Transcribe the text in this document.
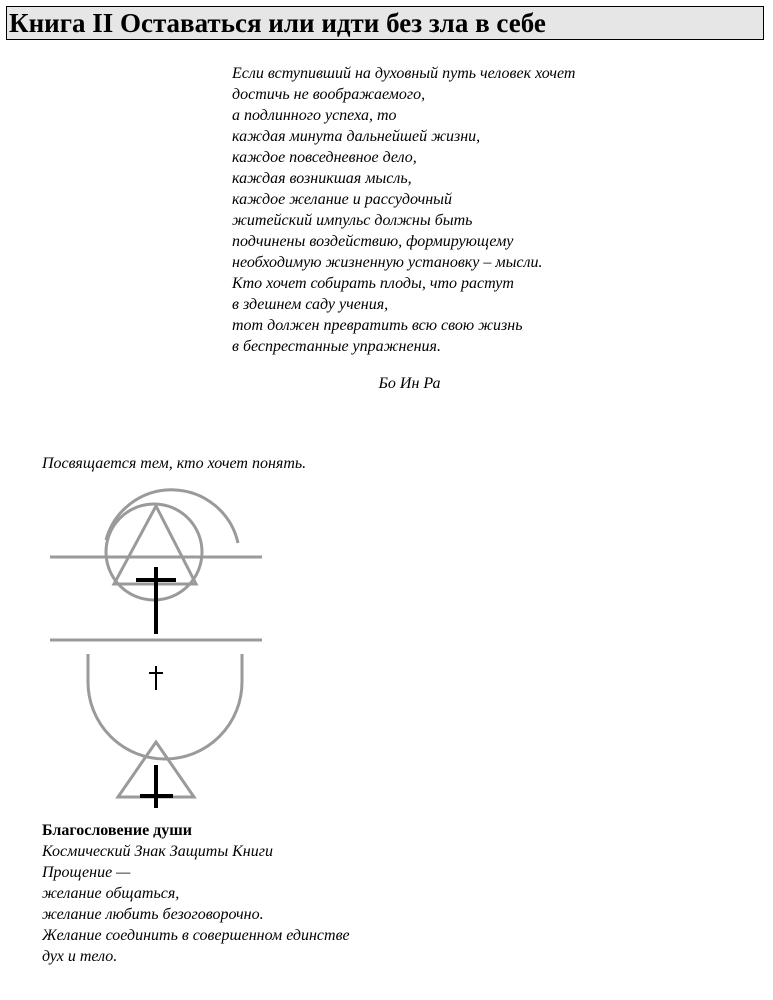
Книга II Оставаться или идти без зла в себе
Если вступивший на духовный путь человек хочет
достичь не воображаемого,
а подлинного успеха, то
каждая минута дальнейшей жизни,
каждое повседневное дело,
каждая возникшая мысль,
каждое желание и рассудочный
житейский импульс должны быть
подчинены воздействию, формирующему
необходимую жизненную установку – мысли.
Кто хочет собирать плоды, что растут
в здешнем саду учения,
тот должен превратить всю свою жизнь
в беспрестанные упражнения.
Бо Ин Ра
Посвящается тем, кто хочет понять.
Благословение души
Космический Знак Защиты Книги
Прощение —
желание общаться,
желание любить безоговорочно.
Желание соединить в совершенном единстве
дух и тело.
